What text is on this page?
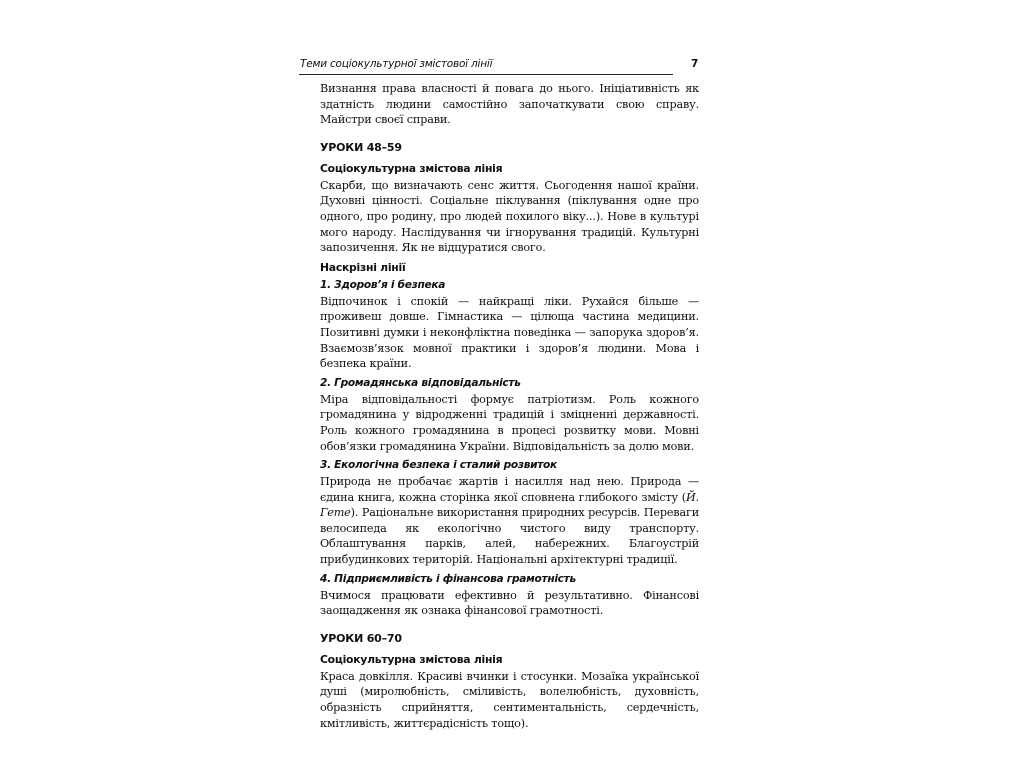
Теми соціокультурної змістової лінії	7

Визнання права власності й повага до нього. Ініціативність як здатність людини самостійно започаткувати свою справу. Майстри своєї справи.

УРОКИ 48–59

Соціокультурна змістова лінія

Скарби, що визначають сенс життя. Сьогодення нашої країни. Духовні цінності. Соціальне піклування (піклування одне про одного, про родину, про людей похилого віку...). Нове в культурі мого народу. Наслідування чи ігнорування традицій. Культурні запозичення. Як не відцуратися свого.

Наскрізні лінії

1. Здоров’я і безпека

Відпочинок і спокій — найкращі ліки. Рухайся більше — проживеш довше. Гімнастика — цілюща частина медицини. Позитивні думки і неконфліктна поведінка — запорука здоров’я. Взаємозв’язок мовної практики і здоров’я людини. Мова і безпека країни.

2. Громадянська відповідальність

Міра відповідальності формує патріотизм. Роль кожного громадянина у відродженні традицій і зміцненні державності. Роль кожного громадянина в процесі розвитку мови. Мовні обов’язки громадянина України. Відповідальність за долю мови.

3. Екологічна безпека і сталий розвиток

Природа не пробачає жартів і насилля над нею. Природа — єдина книга, кожна сторінка якої сповнена глибокого змісту (Й. Гете). Раціональне використання природних ресурсів. Переваги велосипеда як екологічно чистого виду транспорту. Облаштування парків, алей, набережних. Благоустрій прибудинкових територій. Національні архітектурні традиції.

4. Підприємливість і фінансова грамотність

Вчимося працювати ефективно й результативно. Фінансові заощадження як ознака фінансової грамотності.

УРОКИ 60–70

Соціокультурна змістова лінія

Краса довкілля. Красиві вчинки і стосунки. Мозаїка української душі (миролюбність, сміливість, волелюбність, духовність, образність сприйняття, сентиментальність, сердечність, кмітливість, життєрадісність тощо).
